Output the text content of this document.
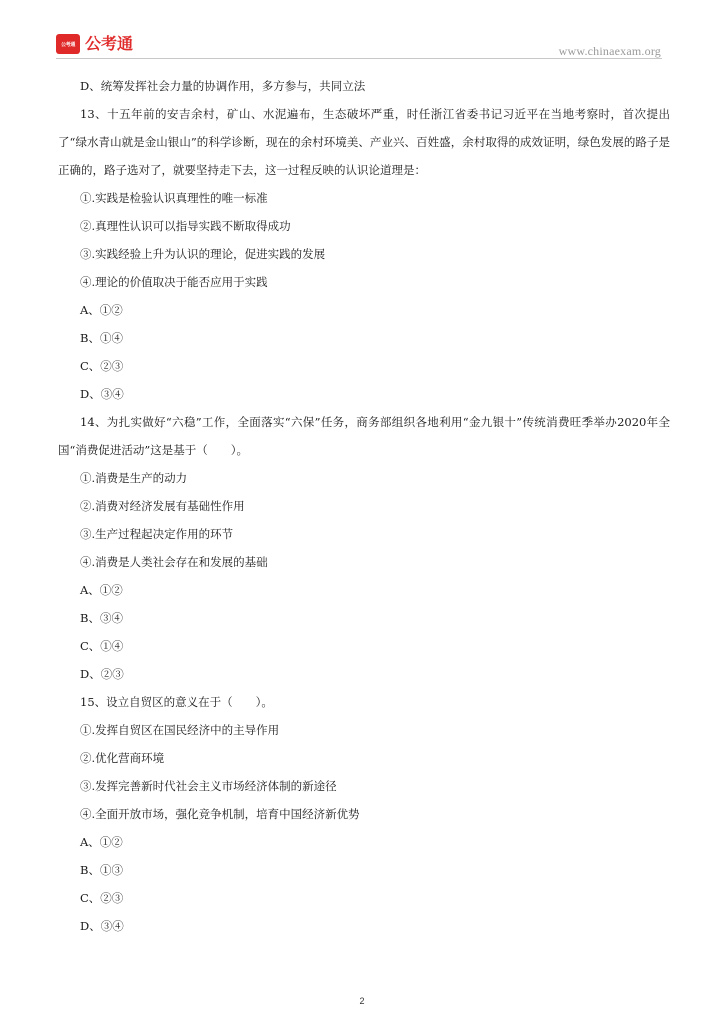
公考通 公考通	www.chinaexam.org

D、统筹发挥社会力量的协调作用，多方参与，共同立法

13、十五年前的安吉余村，矿山、水泥遍布，生态破坏严重，时任浙江省委书记习近平在当地考察时，首次提出了“绿水青山就是金山银山”的科学诊断，现在的余村环境美、产业兴、百姓盛，余村取得的成效证明，绿色发展的路子是正确的，路子选对了，就要坚持走下去，这一过程反映的认识论道理是：

①.实践是检验认识真理性的唯一标准

②.真理性认识可以指导实践不断取得成功

③.实践经验上升为认识的理论，促进实践的发展

④.理论的价值取决于能否应用于实践

A、①②

B、①④

C、②③

D、③④

14、为扎实做好“六稳”工作，全面落实“六保”任务，商务部组织各地利用“金九银十”传统消费旺季举办2020年全国“消费促进活动”这是基于（　　）。

①.消费是生产的动力

②.消费对经济发展有基础性作用

③.生产过程起决定作用的环节

④.消费是人类社会存在和发展的基础

A、①②

B、③④

C、①④

D、②③

15、设立自贸区的意义在于（　　）。

①.发挥自贸区在国民经济中的主导作用

②.优化营商环境

③.发挥完善新时代社会主义市场经济体制的新途径

④.全面开放市场，强化竞争机制，培育中国经济新优势

A、①②

B、①③

C、②③

D、③④

2
